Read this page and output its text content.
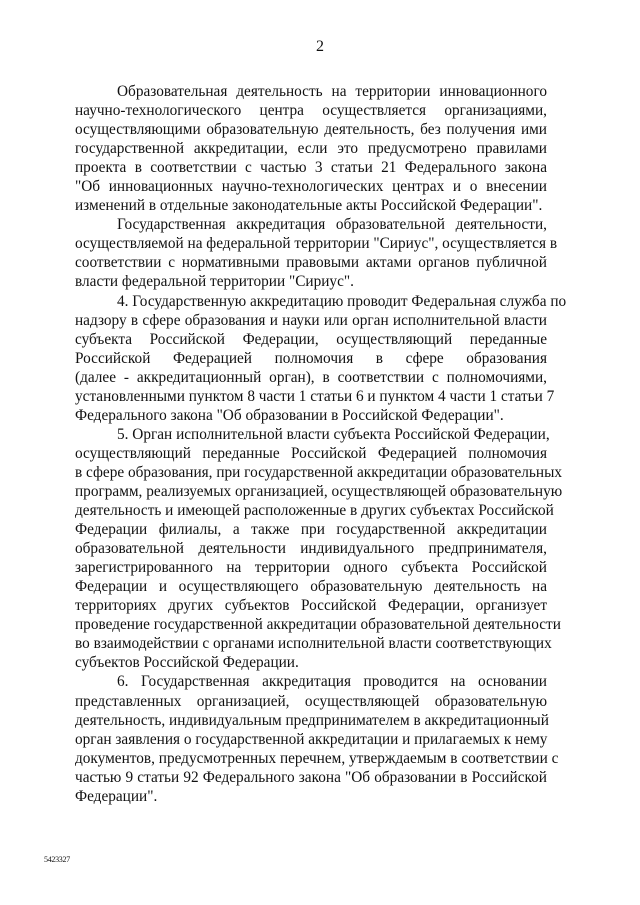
2
Образовательная деятельность на территории инновационного
научно-технологического центра осуществляется организациями,
осуществляющими образовательную деятельность, без получения ими
государственной аккредитации, если это предусмотрено правилами
проекта в соответствии с частью 3 статьи 21 Федерального закона
"Об инновационных научно-технологических центрах и о внесении
изменений в отдельные законодательные акты Российской Федерации".
Государственная аккредитация образовательной деятельности,
осуществляемой на федеральной территории "Сириус", осуществляется в
соответствии с нормативными правовыми актами органов публичной
власти федеральной территории "Сириус".
4. Государственную аккредитацию проводит Федеральная служба по
надзору в сфере образования и науки или орган исполнительной власти
субъекта Российской Федерации, осуществляющий переданные
Российской Федерацией полномочия в сфере образования
(далее - аккредитационный орган), в соответствии с полномочиями,
установленными пунктом 8 части 1 статьи 6 и пунктом 4 части 1 статьи 7
Федерального закона "Об образовании в Российской Федерации".
5. Орган исполнительной власти субъекта Российской Федерации,
осуществляющий переданные Российской Федерацией полномочия
в сфере образования, при государственной аккредитации образовательных
программ, реализуемых организацией, осуществляющей образовательную
деятельность и имеющей расположенные в других субъектах Российской
Федерации филиалы, а также при государственной аккредитации
образовательной деятельности индивидуального предпринимателя,
зарегистрированного на территории одного субъекта Российской
Федерации и осуществляющего образовательную деятельность на
территориях других субъектов Российской Федерации, организует
проведение государственной аккредитации образовательной деятельности
во взаимодействии с органами исполнительной власти соответствующих
субъектов Российской Федерации.
6. Государственная аккредитация проводится на основании
представленных организацией, осуществляющей образовательную
деятельность, индивидуальным предпринимателем в аккредитационный
орган заявления о государственной аккредитации и прилагаемых к нему
документов, предусмотренных перечнем, утверждаемым в соответствии с
частью 9 статьи 92 Федерального закона "Об образовании в Российской
Федерации".
5423327
